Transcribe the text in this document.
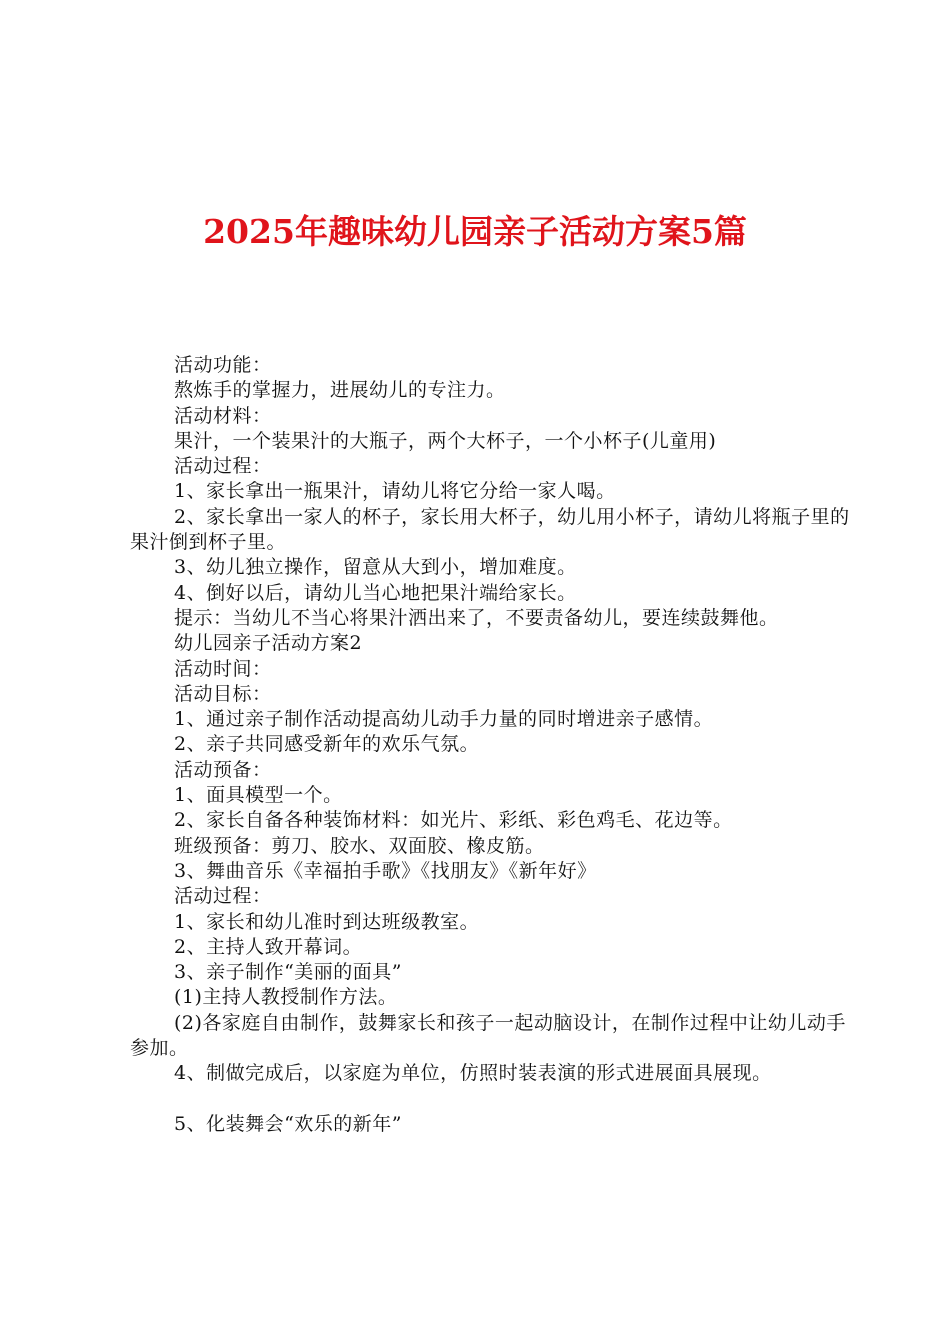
2025年趣味幼儿园亲子活动方案5篇

活动功能：

熬炼手的掌握力，进展幼儿的专注力。

活动材料：

果汁，一个装果汁的大瓶子，两个大杯子，一个小杯子(儿童用)

活动过程：

1、家长拿出一瓶果汁，请幼儿将它分给一家人喝。

2、家长拿出一家人的杯子，家长用大杯子，幼儿用小杯子，请幼儿将瓶子里的果汁倒到杯子里。

3、幼儿独立操作，留意从大到小，增加难度。

4、倒好以后，请幼儿当心地把果汁端给家长。

提示：当幼儿不当心将果汁洒出来了，不要责备幼儿，要连续鼓舞他。

幼儿园亲子活动方案2

活动时间：

活动目标：

1、通过亲子制作活动提高幼儿动手力量的同时增进亲子感情。

2、亲子共同感受新年的欢乐气氛。

活动预备：

1、面具模型一个。

2、家长自备各种装饰材料：如光片、彩纸、彩色鸡毛、花边等。

班级预备：剪刀、胶水、双面胶、橡皮筋。

3、舞曲音乐《幸福拍手歌》《找朋友》《新年好》

活动过程：

1、家长和幼儿准时到达班级教室。

2、主持人致开幕词。

3、亲子制作“美丽的面具”

(1)主持人教授制作方法。

(2)各家庭自由制作，鼓舞家长和孩子一起动脑设计，在制作过程中让幼儿动手参加。

4、制做完成后，以家庭为单位，仿照时装表演的形式进展面具展现。

5、化装舞会“欢乐的新年”
